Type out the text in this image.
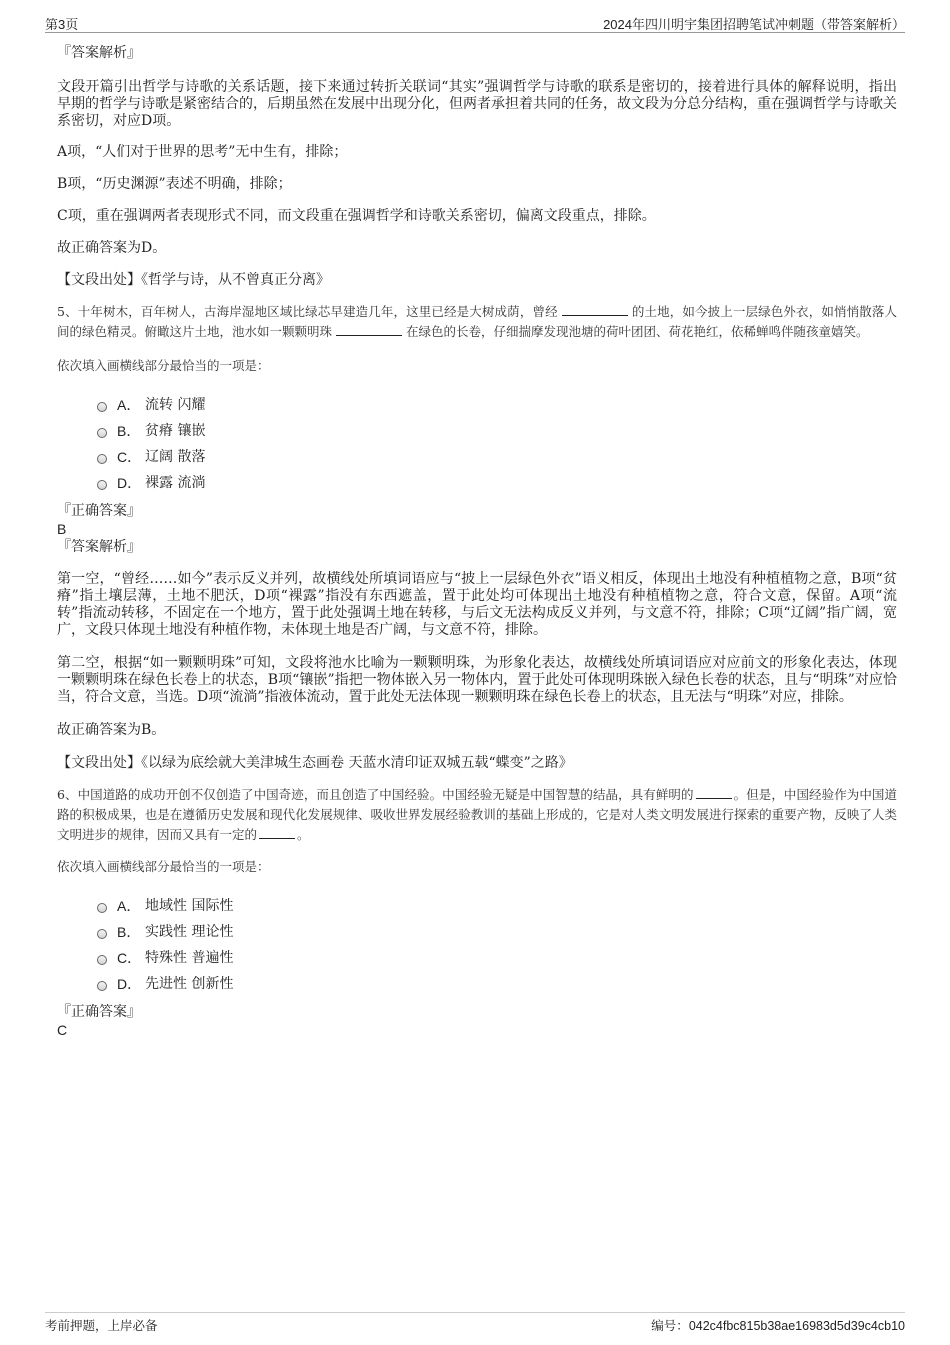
第3页	2024年四川明宇集团招聘笔试冲刺题（带答案解析）

『答案解析』

文段开篇引出哲学与诗歌的关系话题，接下来通过转折关联词“其实”强调哲学与诗歌的联系是密切的，接着进行具体的解释说明，指出早期的哲学与诗歌是紧密结合的，后期虽然在发展中出现分化，但两者承担着共同的任务，故文段为分总分结构，重在强调哲学与诗歌关系密切，对应D项。

A项，“人们对于世界的思考”无中生有，排除；

B项，“历史渊源”表述不明确，排除；

C项，重在强调两者表现形式不同，而文段重在强调哲学和诗歌关系密切，偏离文段重点，排除。

故正确答案为D。

【文段出处】《哲学与诗，从不曾真正分离》

5、十年树木，百年树人，古海岸湿地区域比绿芯早建造几年，这里已经是大树成荫，曾经	的土地，如今披上一层绿色外衣，如悄悄散落人间的绿色精灵。俯瞰这片土地，池水如一颗颗明珠	在绿色的长卷，仔细揣摩发现池塘的荷叶团团、荷花艳红，依稀蝉鸣伴随孩童嬉笑。

依次填入画横线部分最恰当的一项是：

A． 流转 闪耀
B． 贫瘠 镶嵌
C． 辽阔 散落
D． 裸露 流淌

『正确答案』

B

『答案解析』

第一空，“曾经……如今”表示反义并列，故横线处所填词语应与“披上一层绿色外衣”语义相反，体现出土地没有种植植物之意，B项“贫瘠”指土壤层薄，土地不肥沃，D项“裸露”指没有东西遮盖，置于此处均可体现出土地没有种植植物之意，符合文意，保留。A项“流转”指流动转移，不固定在一个地方，置于此处强调土地在转移，与后文无法构成反义并列，与文意不符，排除；C项“辽阔”指广阔，宽广，文段只体现土地没有种植作物，未体现土地是否广阔，与文意不符，排除。

第二空，根据“如一颗颗明珠”可知，文段将池水比喻为一颗颗明珠，为形象化表达，故横线处所填词语应对应前文的形象化表达，体现一颗颗明珠在绿色长卷上的状态，B项“镶嵌”指把一物体嵌入另一物体内，置于此处可体现明珠嵌入绿色长卷的状态，且与“明珠”对应恰当，符合文意，当选。D项“流淌”指液体流动，置于此处无法体现一颗颗明珠在绿色长卷上的状态，且无法与“明珠”对应，排除。

故正确答案为B。

【文段出处】《以绿为底绘就大美津城生态画卷 天蓝水清印证双城五载“蝶变”之路》

6、中国道路的成功开创不仅创造了中国奇迹，而且创造了中国经验。中国经验无疑是中国智慧的结晶，具有鲜明的	。但是，中国经验作为中国道路的积极成果，也是在遵循历史发展和现代化发展规律、吸收世界发展经验教训的基础上形成的，它是对人类文明发展进行探索的重要产物，反映了人类文明进步的规律，因而又具有一定的	。

依次填入画横线部分最恰当的一项是：

A． 地域性 国际性
B． 实践性 理论性
C． 特殊性 普遍性
D． 先进性 创新性

『正确答案』

C

考前押题，上岸必备	编号：042c4fbc815b38ae16983d5d39c4cb10
